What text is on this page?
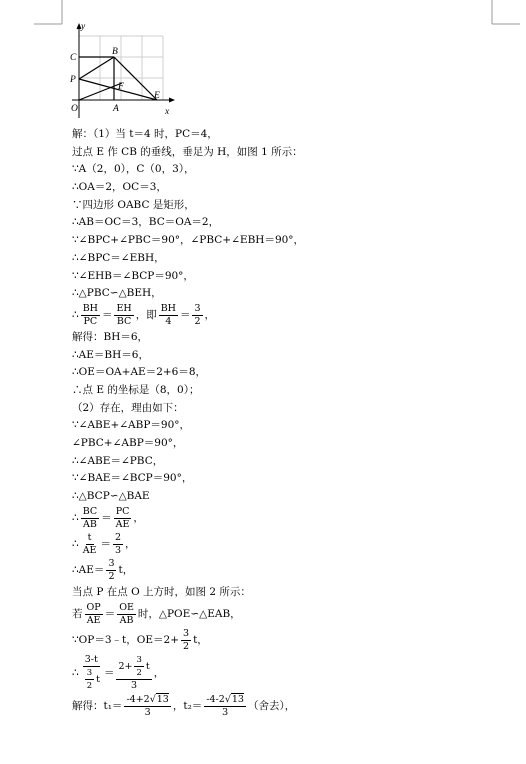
y
x
C
B
P
F
E
O	A
解：（1）当 t＝4 时，PC＝4，
过点 E 作 CB 的垂线，垂足为 H，如图 1 所示：
∵A（2，0），C（0，3），
∴OA＝2，OC＝3，
∵四边形 OABC 是矩形，
∴AB＝OC＝3，BC＝OA＝2，
∵∠BPC+∠PBC＝90°，∠PBC+∠EBH＝90°，
∴∠BPC＝∠EBH，
∵∠EHB＝∠BCP＝90°，
∴△PBC∽△BEH，
∴ $\frac{BH}{PC} = \frac{EH}{BC}$ ，即 $\frac{BH}{4} = \frac{3}{2}$ ，
解得：BH＝6，
∴AE＝BH＝6，
∴OE＝OA+AE＝2+6＝8，
∴点 E 的坐标是（8，0）；
（2）存在，理由如下：
∵∠ABE+∠ABP＝90°，
∠PBC+∠ABP＝90°，
∴∠ABE＝∠PBC，
∵∠BAE＝∠BCP＝90°，
∴△BCP∽△BAE
∴ $\frac{BC}{AB} = \frac{PC}{AE}$ ，
∴ $\frac{t}{AE} = \frac{2}{3}$ ，
∴AE＝ $\frac{3}{2}$ t，
当点 P 在点 O 上方时，如图 2 所示：
若 $\frac{OP}{AE} = \frac{OE}{AB}$ 时，△POE∽△EAB，
∵OP＝3﹣t，$OE=2+ \frac{3}{2}$ t，
∴ $\frac{3-t}{\frac{3}{2} t} = \frac{2+ \frac{3}{2} t}{3}$ ，
解得：$t_1= \frac{-4+2√13}{3}$ ，$t_2= \frac{-4-2√13}{3}$ （舍去），
